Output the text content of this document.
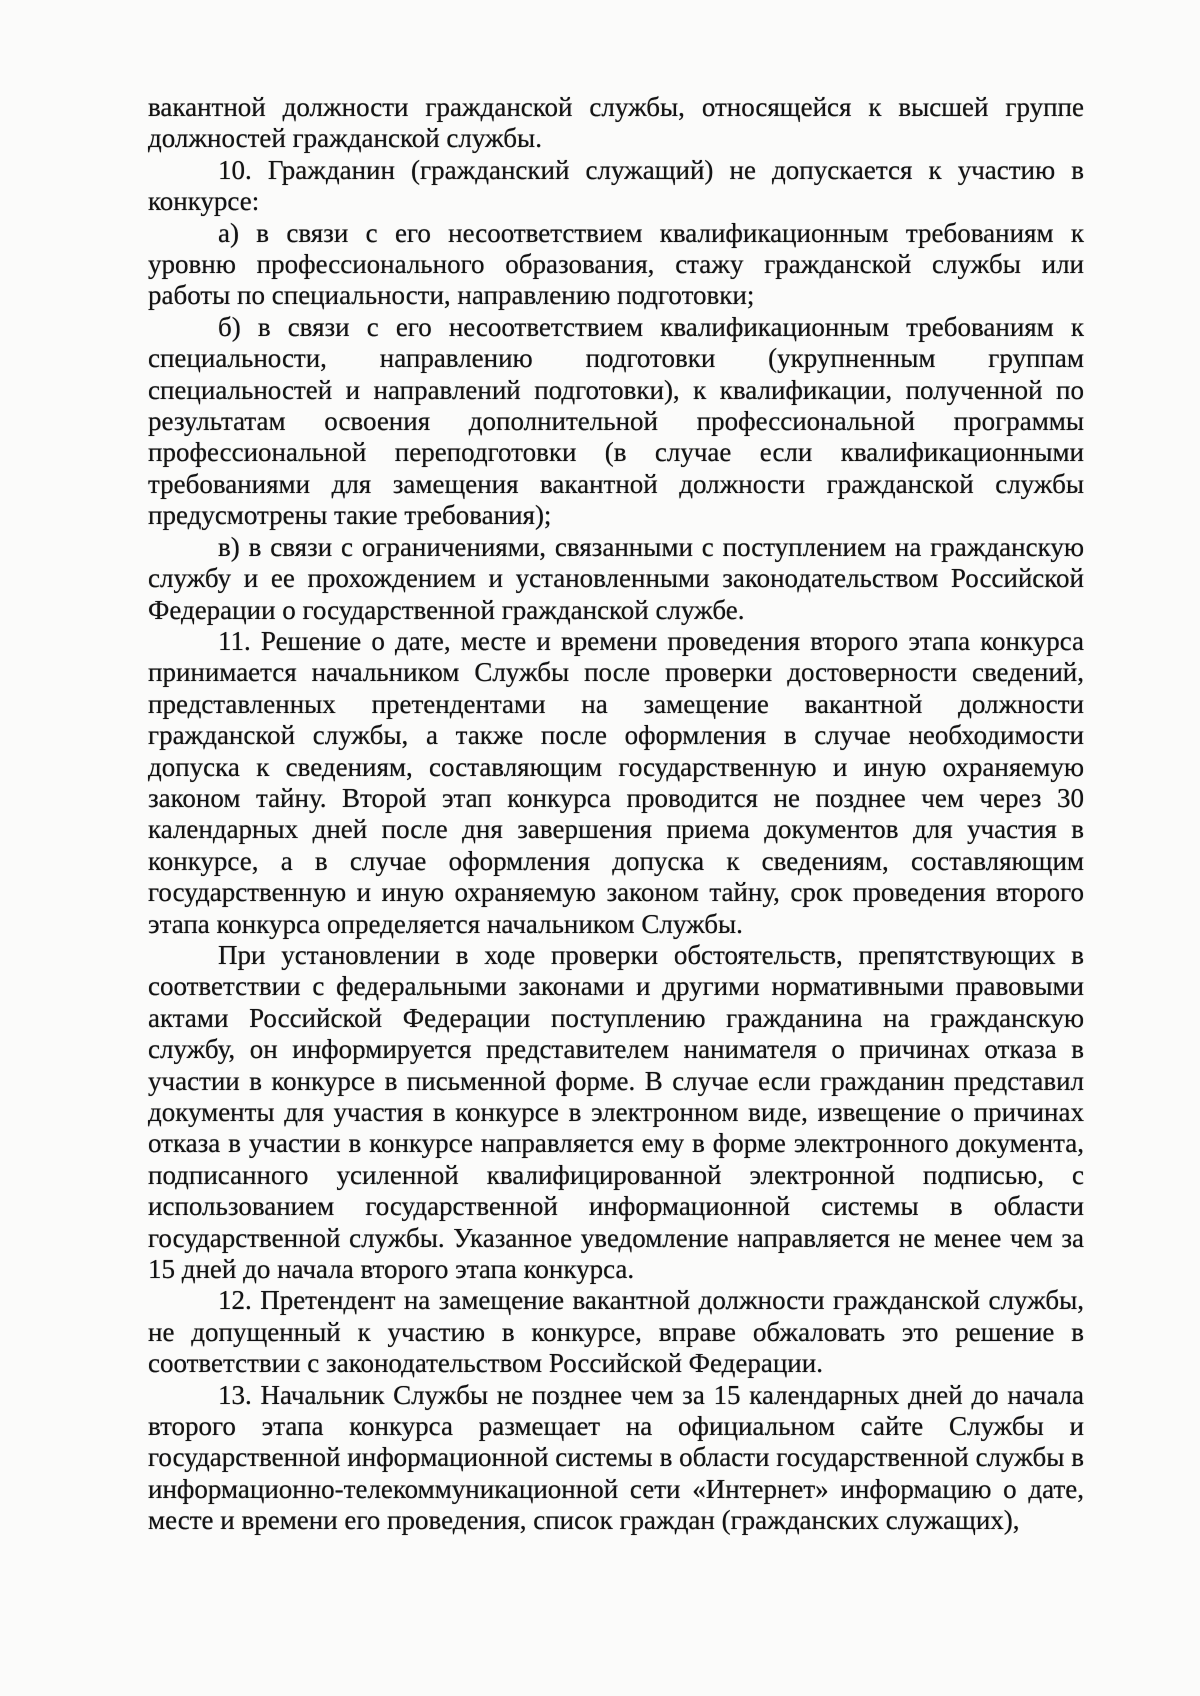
вакантной должности гражданской службы, относящейся к высшей группе должностей гражданской службы.

10. Гражданин (гражданский служащий) не допускается к участию в конкурсе:

а) в связи с его несоответствием квалификационным требованиям к уровню профессионального образования, стажу гражданской службы или работы по специальности, направлению подготовки;

б) в связи с его несоответствием квалификационным требованиям к специальности, направлению подготовки (укрупненным группам специальностей и направлений подготовки), к квалификации, полученной по результатам освоения дополнительной профессиональной программы профессиональной переподготовки (в случае если квалификационными требованиями для замещения вакантной должности гражданской службы предусмотрены такие требования);

в) в связи с ограничениями, связанными с поступлением на гражданскую службу и ее прохождением и установленными законодательством Российской Федерации о государственной гражданской службе.

11. Решение о дате, месте и времени проведения второго этапа конкурса принимается начальником Службы после проверки достоверности сведений, представленных претендентами на замещение вакантной должности гражданской службы, а также после оформления в случае необходимости допуска к сведениям, составляющим государственную и иную охраняемую законом тайну. Второй этап конкурса проводится не позднее чем через 30 календарных дней после дня завершения приема документов для участия в конкурсе, а в случае оформления допуска к сведениям, составляющим государственную и иную охраняемую законом тайну, срок проведения второго этапа конкурса определяется начальником Службы.

При установлении в ходе проверки обстоятельств, препятствующих в соответствии с федеральными законами и другими нормативными правовыми актами Российской Федерации поступлению гражданина на гражданскую службу, он информируется представителем нанимателя о причинах отказа в участии в конкурсе в письменной форме. В случае если гражданин представил документы для участия в конкурсе в электронном виде, извещение о причинах отказа в участии в конкурсе направляется ему в форме электронного документа, подписанного усиленной квалифицированной электронной подписью, с использованием государственной информационной системы в области государственной службы. Указанное уведомление направляется не менее чем за 15 дней до начала второго этапа конкурса.

12. Претендент на замещение вакантной должности гражданской службы, не допущенный к участию в конкурсе, вправе обжаловать это решение в соответствии с законодательством Российской Федерации.

13. Начальник Службы не позднее чем за 15 календарных дней до начала второго этапа конкурса размещает на официальном сайте Службы и государственной информационной системы в области государственной службы в информационно-телекоммуникационной сети «Интернет» информацию о дате, месте и времени его проведения, список граждан (гражданских служащих),
